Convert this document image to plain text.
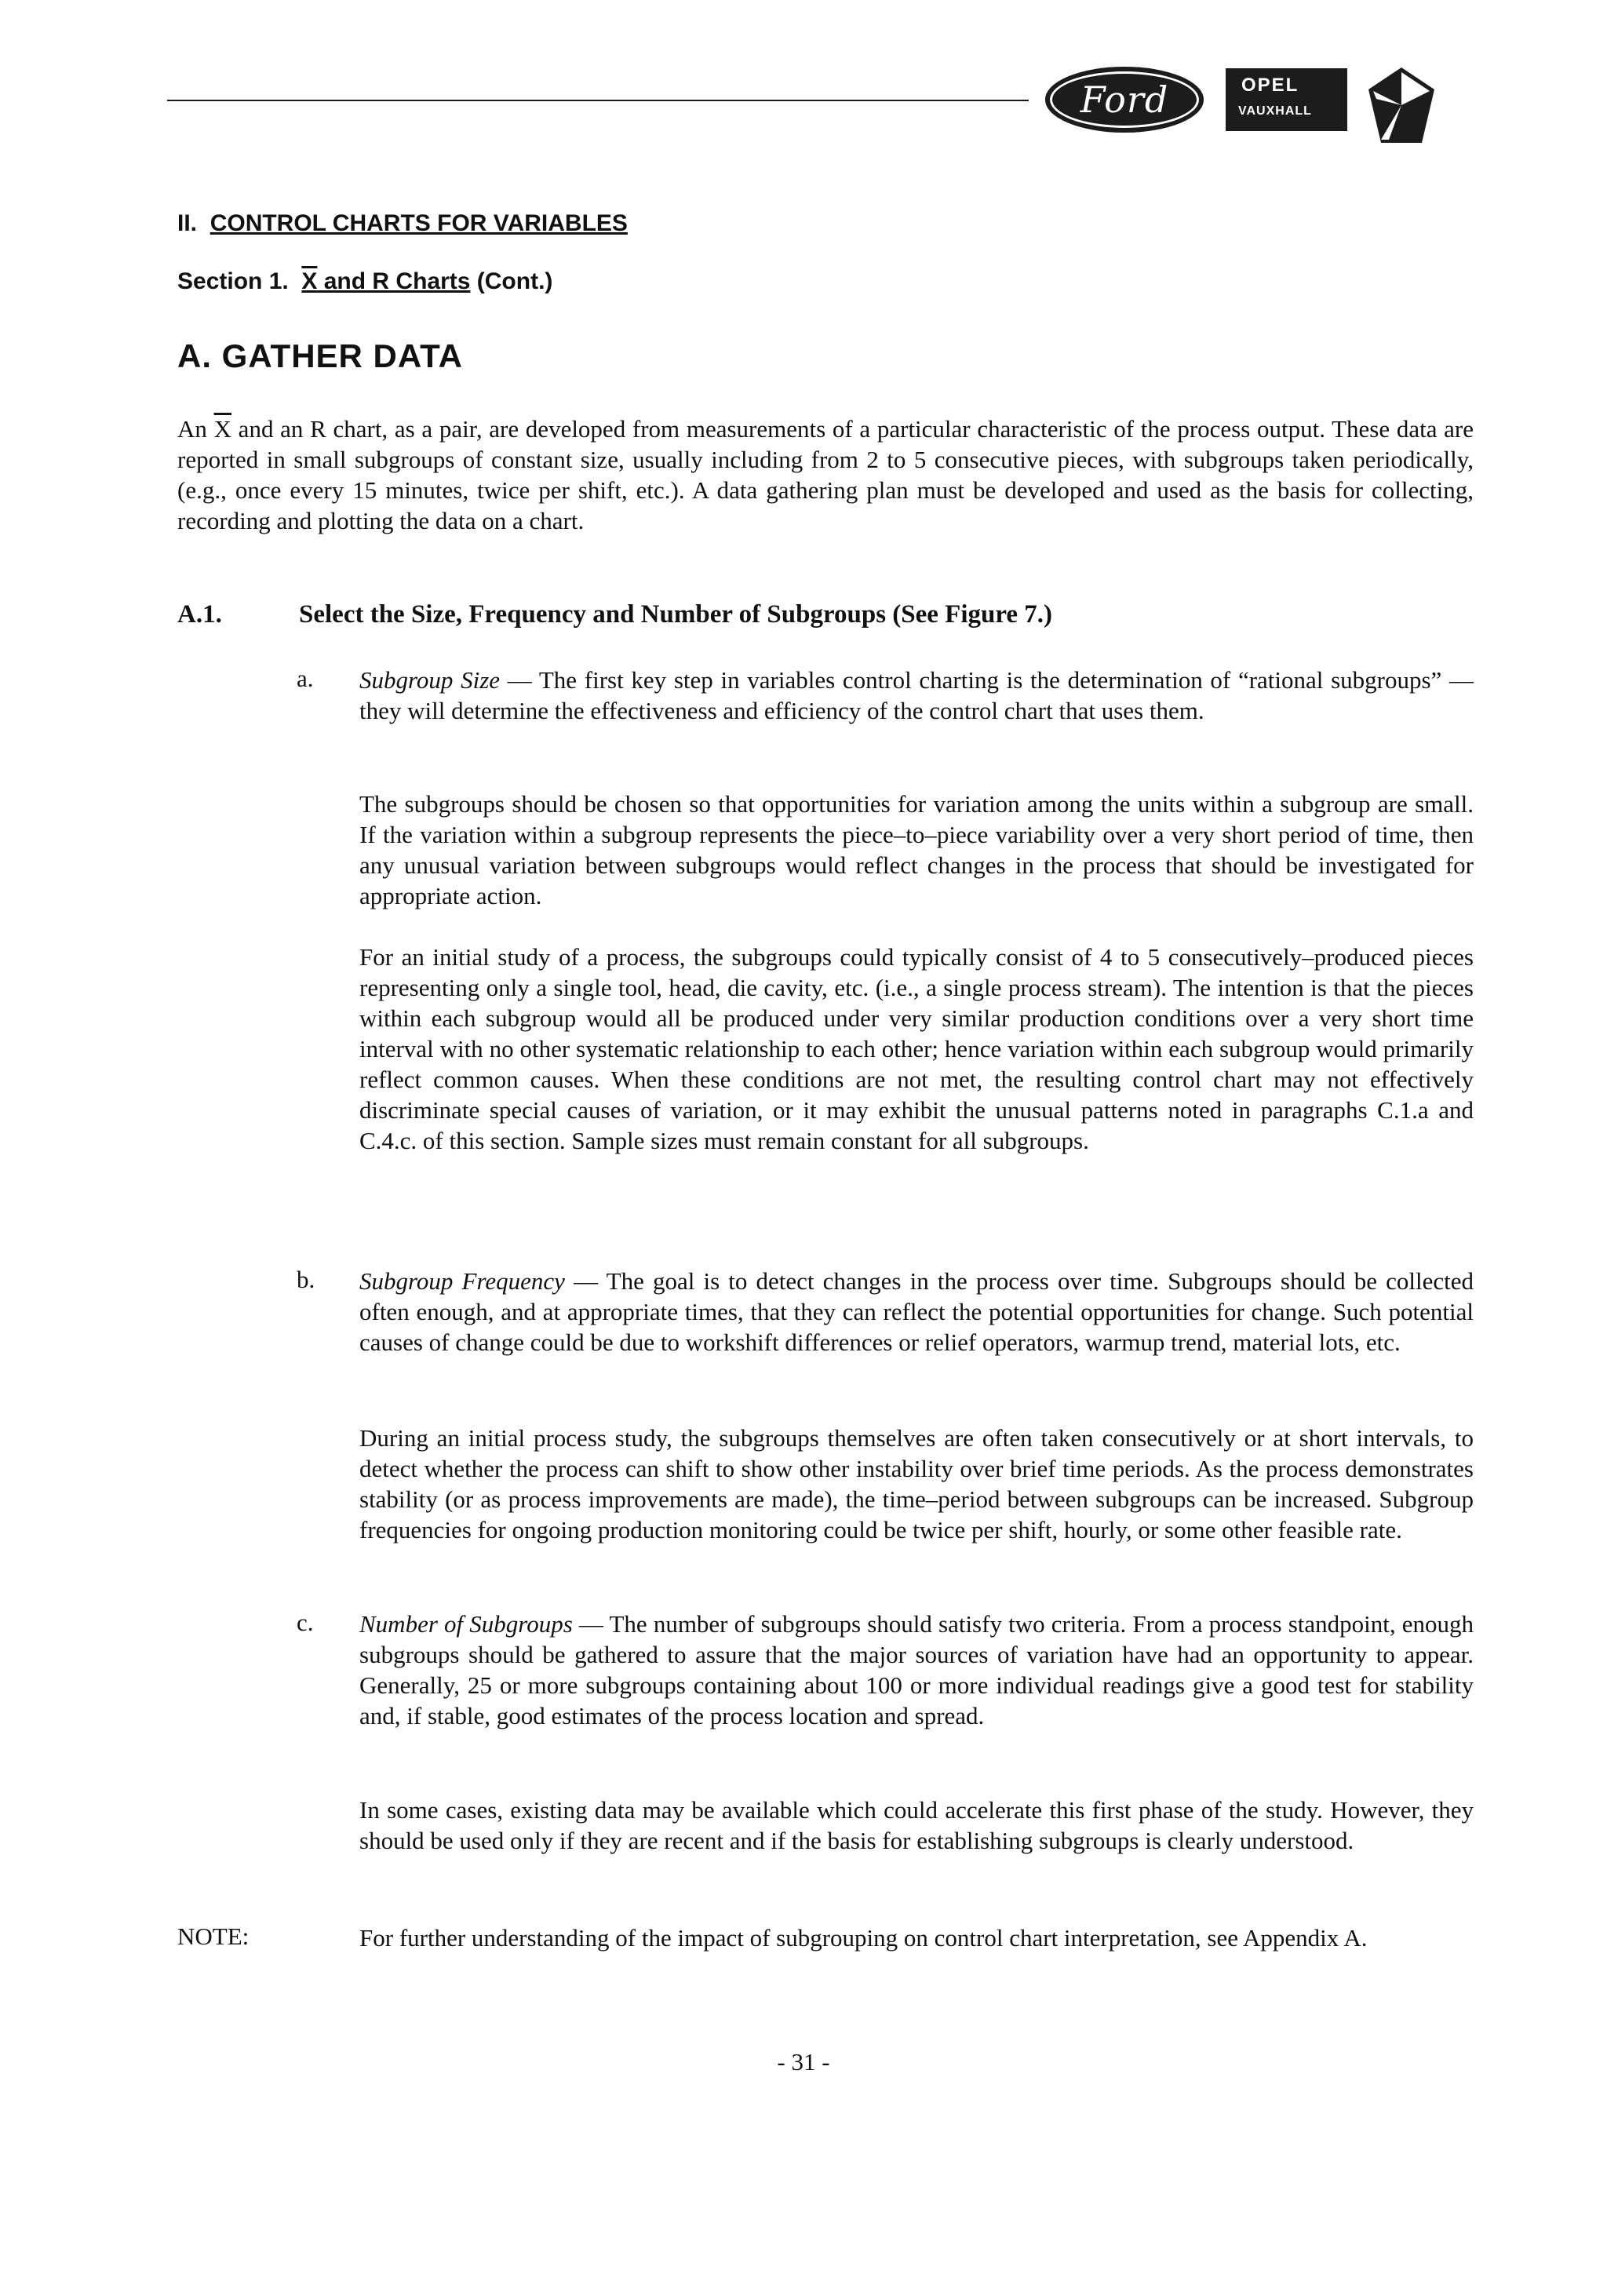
Ford	OPEL
VAUXHALL
II. CONTROL CHARTS FOR VARIABLES
Section 1. X and R Charts (Cont.)
A. GATHER DATA

An $\overline{X}$ and an R chart, as a pair, are developed from measurements of a particular characteristic of the process output. These data are reported in small subgroups of constant size, usually including from 2 to 5 consecutive pieces, with subgroups taken periodically, (e.g., once every 15 minutes, twice per shift, etc.). A data gathering plan must be developed and used as the basis for collecting, recording and plotting the data on a chart.

A.1.	Select the Size, Frequency and Number of Subgroups (See Figure 7.)
a. Subgroup Size — The first key step in variables control charting is the determination of “rational subgroups” — they will determine the effectiveness and efficiency of the control chart that uses them.

The subgroups should be chosen so that opportunities for variation among the units within a subgroup are small. If the variation within a subgroup represents the piece–to–piece variability over a very short period of time, then any unusual variation between subgroups would reflect changes in the process that should be investigated for appropriate action.

For an initial study of a process, the subgroups could typically consist of 4 to 5 consecutively–produced pieces representing only a single tool, head, die cavity, etc. (i.e., a single process stream). The intention is that the pieces within each subgroup would all be produced under very similar production conditions over a very short time interval with no other systematic relationship to each other; hence variation within each subgroup would primarily reflect common causes. When these conditions are not met, the resulting control chart may not effectively discriminate special causes of variation, or it may exhibit the unusual patterns noted in paragraphs C.1.a and C.4.c. of this section. Sample sizes must remain constant for all subgroups.

b. Subgroup Frequency — The goal is to detect changes in the process over time. Subgroups should be collected often enough, and at appropriate times, that they can reflect the potential opportunities for change. Such potential causes of change could be due to workshift differences or relief operators, warmup trend, material lots, etc.

During an initial process study, the subgroups themselves are often taken consecutively or at short intervals, to detect whether the process can shift to show other instability over brief time periods. As the process demonstrates stability (or as process improvements are made), the time–period between subgroups can be increased. Subgroup frequencies for ongoing production monitoring could be twice per shift, hourly, or some other feasible rate.

c. Number of Subgroups — The number of subgroups should satisfy two criteria. From a process standpoint, enough subgroups should be gathered to assure that the major sources of variation have had an opportunity to appear. Generally, 25 or more subgroups containing about 100 or more individual readings give a good test for stability and, if stable, good estimates of the process location and spread.

In some cases, existing data may be available which could accelerate this first phase of the study. However, they should be used only if they are recent and if the basis for establishing subgroups is clearly understood.

NOTE:	For further understanding of the impact of subgrouping on control chart interpretation, see Appendix A.

- 31 -
